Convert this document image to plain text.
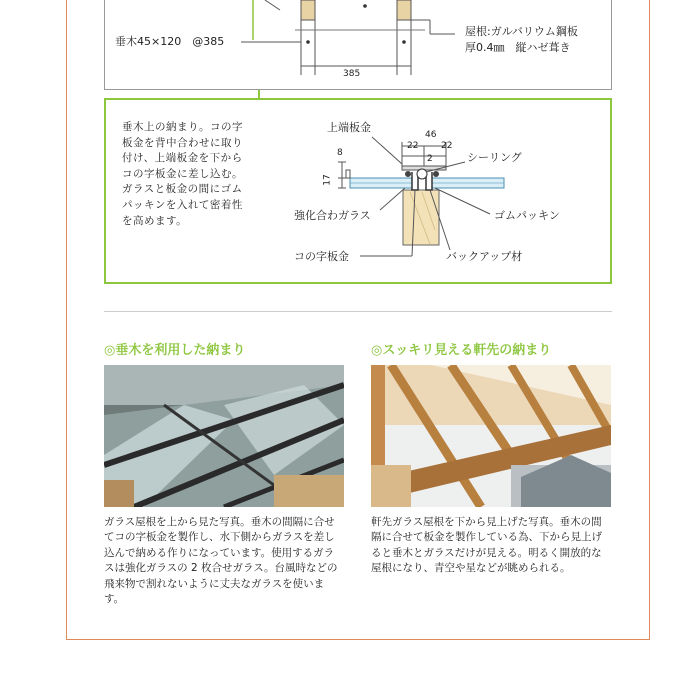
垂木45×120　@385
屋根:ガルバリウム鋼板
厚0.4㎜　縦ハゼ葺き
385
垂木上の納まり。コの字板金を背中合わせに取り付け、上端板金を下からコの字板金に差し込む。ガラスと板金の間にゴムパッキンを入れて密着性を高めます。
上端板金
46
22	22
2
8
17
シーリング
強化合わガラス	ゴムパッキン
コの字板金	バックアップ材
◎垂木を利用した納まり
ガラス屋根を上から見た写真。垂木の間隔に合せてコの字板金を製作し、水下側からガラスを差し込んで納める作りになっています。使用するガラスは強化ガラスの 2 枚合せガラス。台風時などの飛来物で割れないように丈夫なガラスを使います。
◎スッキリ見える軒先の納まり
軒先ガラス屋根を下から見上げた写真。垂木の間隔に合せて板金を製作している為、下から見上げると垂木とガラスだけが見える。明るく開放的な屋根になり、青空や星などが眺められる。
